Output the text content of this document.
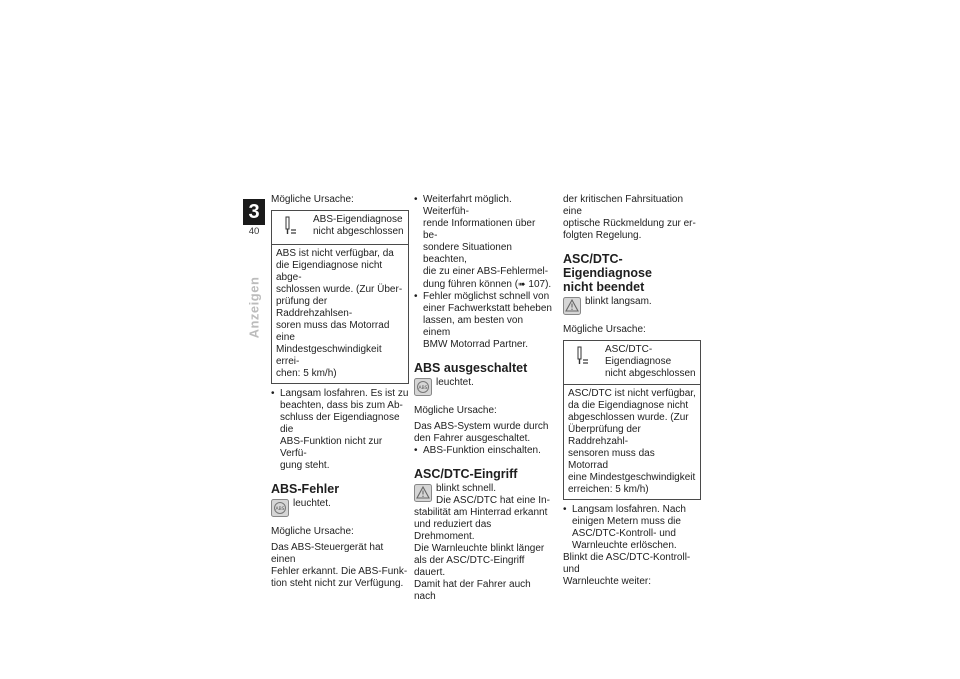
3
40
Anzeigen

Mögliche Ursache:

ABS-Eigendiagnose

nicht abgeschlossen

ABS ist nicht verfügbar, da

die Eigendiagnose nicht abge-

schlossen wurde. (Zur Über-

prüfung der Raddrehzahlsen-

soren muss das Motorrad eine

Mindestgeschwindigkeit errei-

chen: 5 km/h)

• Langsam losfahren. Es ist zu

beachten, dass bis zum Ab-

schluss der Eigendiagnose die

ABS-Funktion nicht zur Verfü-

gung steht.

ABS-Fehler
ABS

leuchtet.

Mögliche Ursache:

Das ABS-Steuergerät hat einen

Fehler erkannt. Die ABS-Funk-

tion steht nicht zur Verfügung.

• Weiterfahrt möglich. Weiterfüh-

rende Informationen über be-

sondere Situationen beachten,

die zu einer ABS-Fehlermel-

dung führen können (➠ 107).

• Fehler möglichst schnell von

einer Fachwerkstatt beheben

lassen, am besten von einem

BMW Motorrad Partner.

ABS ausgeschaltet
ABS

leuchtet.

Mögliche Ursache:

Das ABS-System wurde durch

den Fahrer ausgeschaltet.

• ABS-Funktion einschalten.

ASC/DTC-Eingriff

blinkt schnell.

Die ASC/DTC hat eine In-

stabilität am Hinterrad erkannt

und reduziert das Drehmoment.

Die Warnleuchte blinkt länger

als der ASC/DTC-Eingriff dauert.

Damit hat der Fahrer auch nach

der kritischen Fahrsituation eine

optische Rückmeldung zur er-

folgten Regelung.

ASC/DTC-Eigendiagnose
nicht beendet

blinkt langsam.

Mögliche Ursache:

ASC/DTC-Eigendiagnose

nicht abgeschlossen

ASC/DTC ist nicht verfügbar,

da die Eigendiagnose nicht

abgeschlossen wurde. (Zur

Überprüfung der Raddrehzahl-

sensoren muss das Motorrad

eine Mindestgeschwindigkeit

erreichen: 5 km/h)

• Langsam losfahren. Nach

einigen Metern muss die

ASC/DTC-Kontroll- und

Warnleuchte erlöschen.

Blinkt die ASC/DTC-Kontroll- und

Warnleuchte weiter:
